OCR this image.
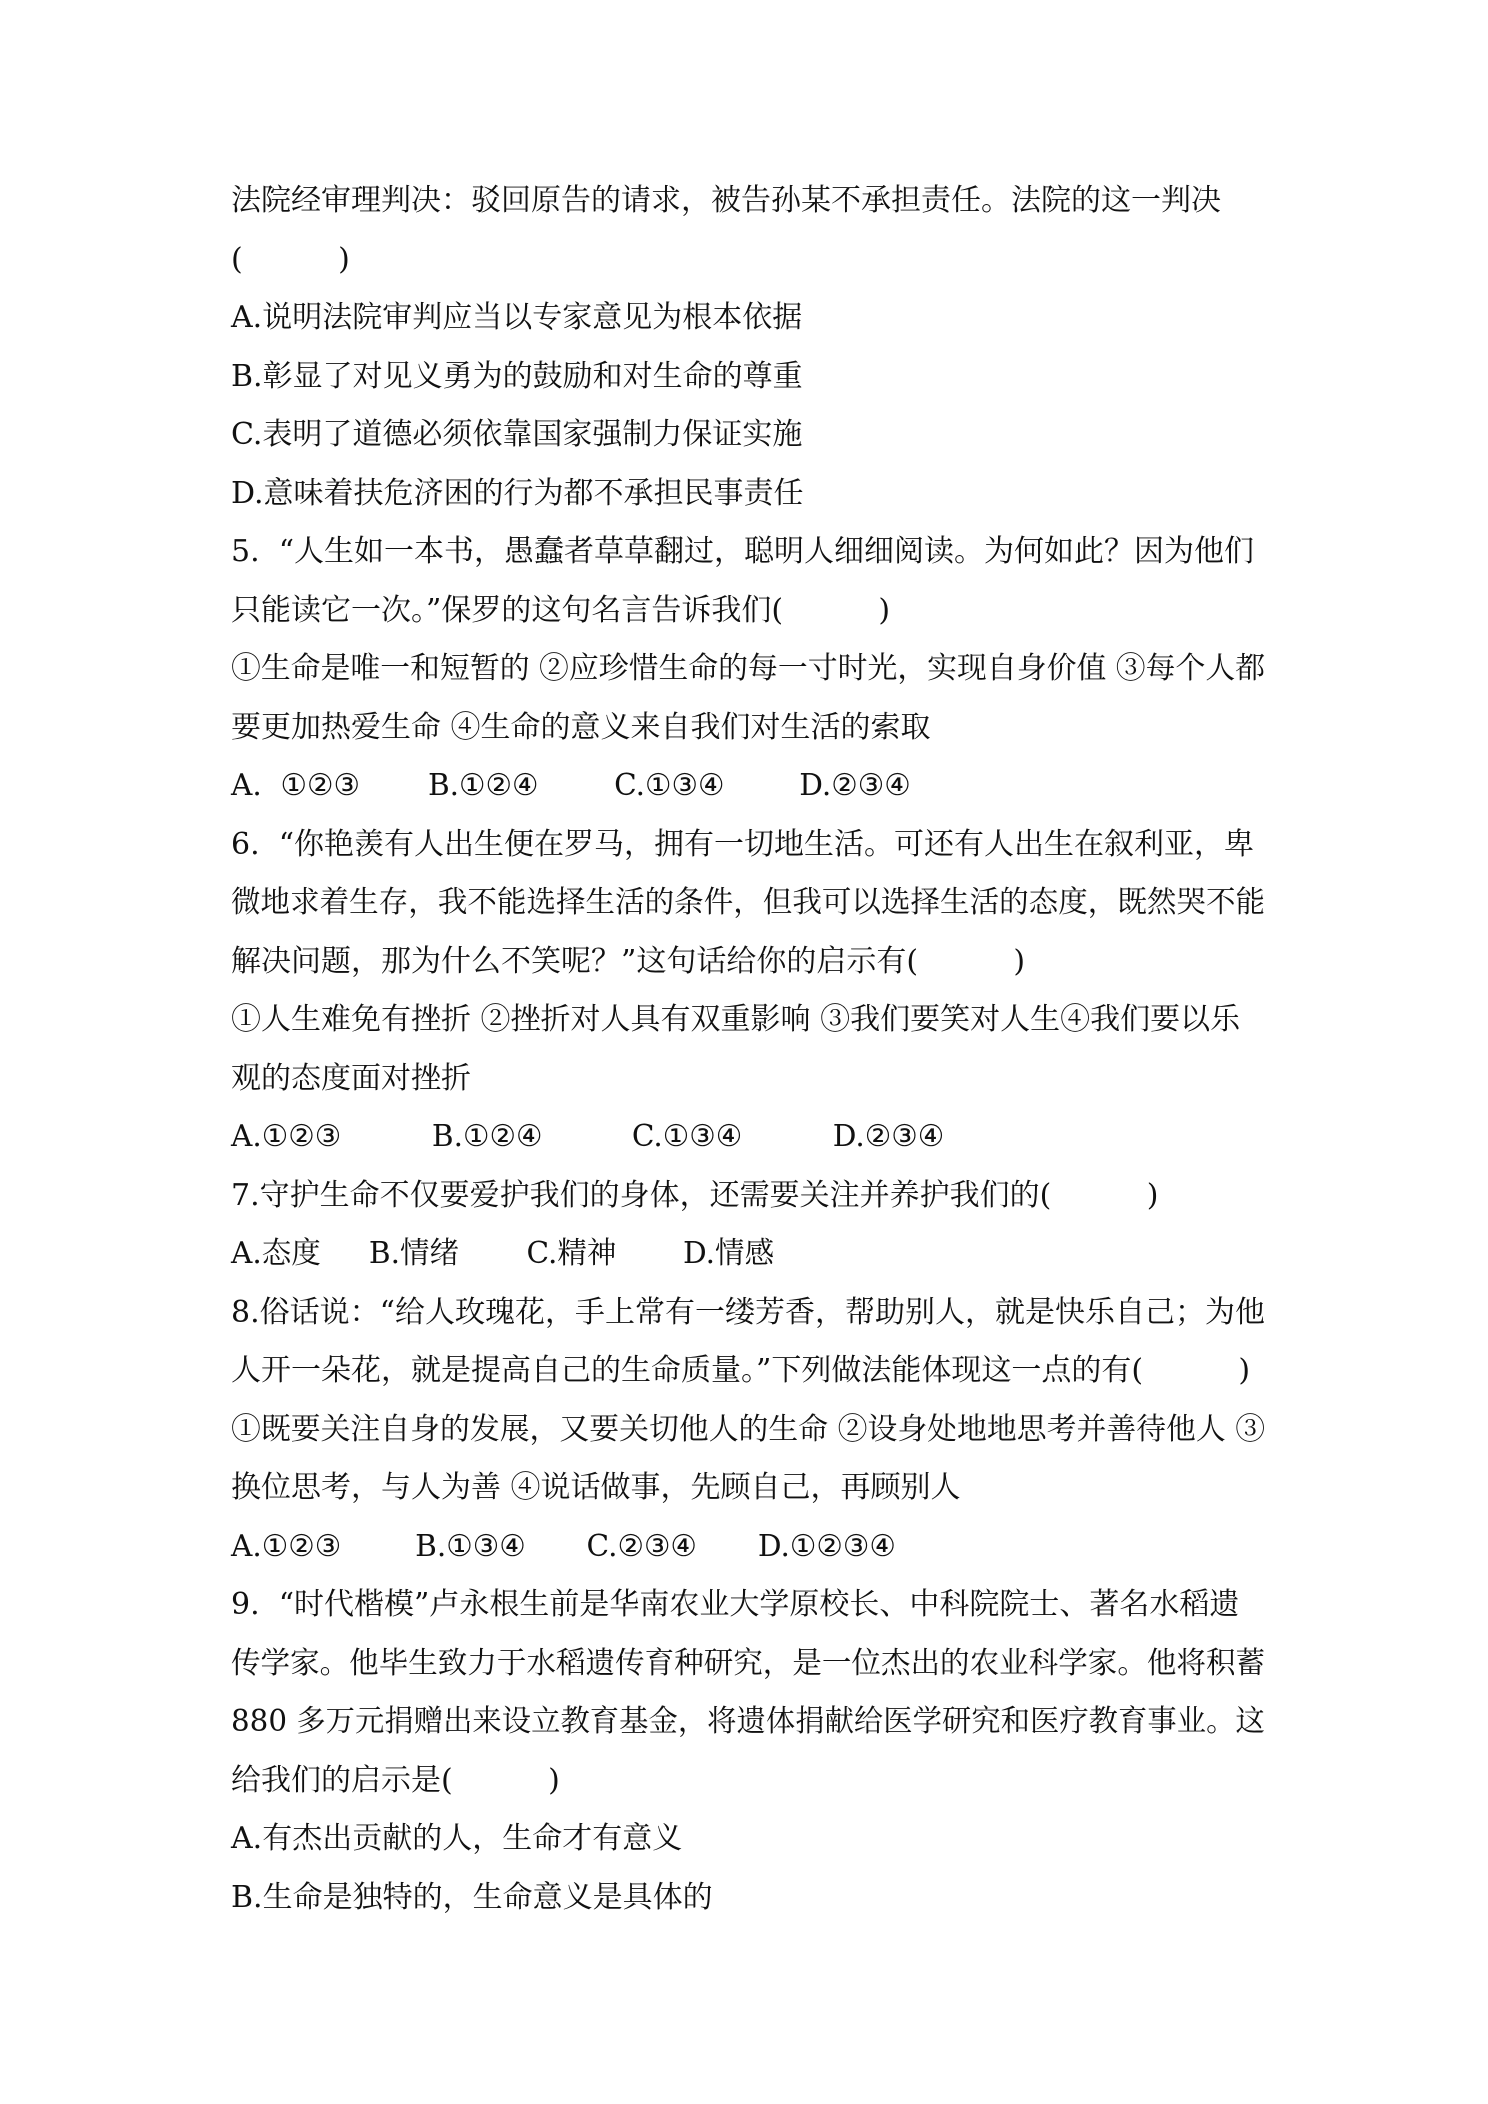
法院经审理判决：驳回原告的请求，被告孙某不承担责任。法院的这一判决
(          )
A.说明法院审判应当以专家意见为根本依据
B.彰显了对见义勇为的鼓励和对生命的尊重
C.表明了道德必须依靠国家强制力保证实施
D.意味着扶危济困的行为都不承担民事责任
5.  “人生如一本书，愚蠢者草草翻过，聪明人细细阅读。为何如此？因为他们
只能读它一次。”保罗的这句名言告诉我们(          )
①生命是唯一和短暂的 ②应珍惜生命的每一寸时光，实现自身价值 ③每个人都
要更加热爱生命 ④生命的意义来自我们对生活的索取

A.  ①②③

B.①②④

	C.①③④

D.②③④

6.  “你艳羡有人出生便在罗马，拥有一切地生活。可还有人出生在叙利亚，卑
微地求着生存，我不能选择生活的条件，但我可以选择生活的态度，既然哭不能
解决问题，那为什么不笑呢？”这句话给你的启示有(          )
①人生难免有挫折 ②挫折对人具有双重影响 ③我们要笑对人生④我们要以乐
观的态度面对挫折

A.①②③

	B.①②④

	C.①③④

	D.②③④

7.守护生命不仅要爱护我们的身体，还需要关注并养护我们的(          )

A.态度

B.情绪

C.精神

D.情感

8.俗话说：“给人玫瑰花，手上常有一缕芳香，帮助别人，就是快乐自己；为他
人开一朵花，就是提高自己的生命质量。”下列做法能体现这一点的有(          )
①既要关注自身的发展，又要关切他人的生命 ②设身处地地思考并善待他人 ③
换位思考，与人为善 ④说话做事，先顾自己，再顾别人

A.①②③

B.①③④

C.②③④

D.①②③④

9.  “时代楷模”卢永根生前是华南农业大学原校长、中科院院士、著名水稻遗
传学家。他毕生致力于水稻遗传育种研究，是一位杰出的农业科学家。他将积蓄
880 多万元捐赠出来设立教育基金，将遗体捐献给医学研究和医疗教育事业。这
给我们的启示是(          )
A.有杰出贡献的人，生命才有意义
B.生命是独特的，生命意义是具体的
